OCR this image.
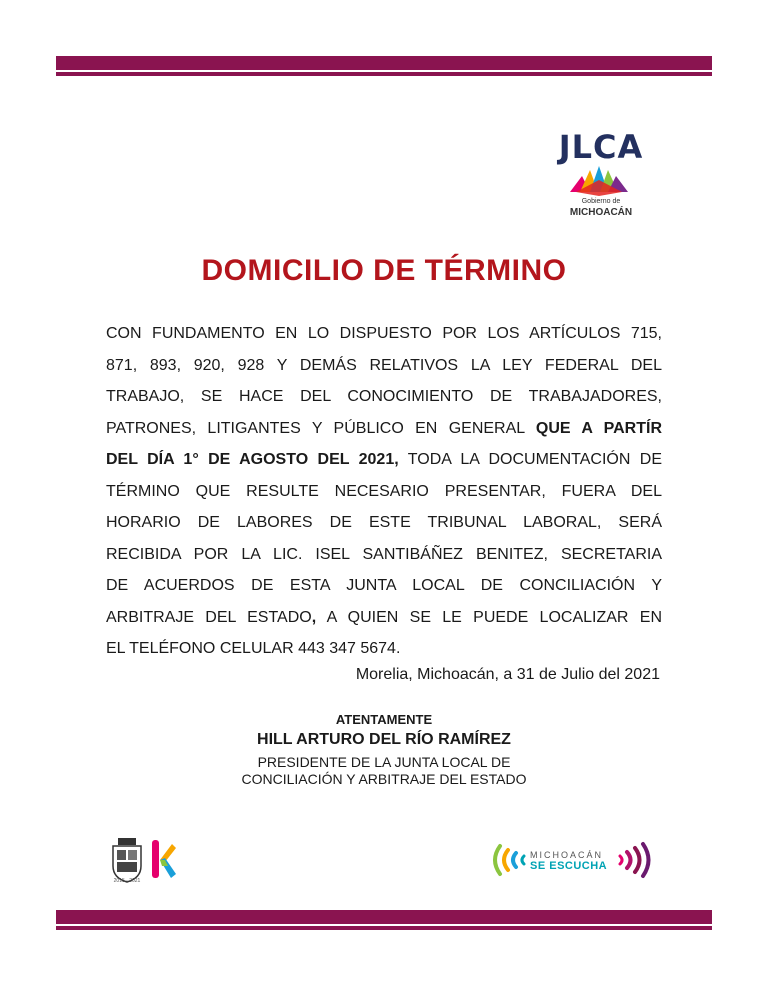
JLCA
Gobierno de
MICHOACÁN
DOMICILIO DE TÉRMINO
CON FUNDAMENTO EN LO DISPUESTO POR LOS ARTÍCULOS 715,
871, 893, 920, 928 Y DEMÁS RELATIVOS LA LEY FEDERAL DEL
TRABAJO, SE HACE DEL CONOCIMIENTO DE TRABAJADORES,
PATRONES, LITIGANTES Y PÚBLICO EN GENERAL QUE A PARTÍR
DEL DÍA 1° DE AGOSTO DEL 2021, TODA LA DOCUMENTACIÓN DE
TÉRMINO QUE RESULTE NECESARIO PRESENTAR, FUERA DEL
HORARIO DE LABORES DE ESTE TRIBUNAL LABORAL, SERÁ
RECIBIDA POR LA LIC. ISEL SANTIBÁÑEZ BENITEZ, SECRETARIA
DE ACUERDOS DE ESTA JUNTA LOCAL DE CONCILIACIÓN Y
ARBITRAJE DEL ESTADO, A QUIEN SE LE PUEDE LOCALIZAR EN
EL TELÉFONO CELULAR 443 347 5674.
Morelia, Michoacán, a 31 de Julio del 2021
ATENTAMENTE
HILL ARTURO DEL RÍO RAMÍREZ
PRESIDENTE DE LA JUNTA LOCAL DE
CONCILIACIÓN Y ARBITRAJE DEL ESTADO
2015 - 2021
MICHOACÁN
SE ESCUCHA
